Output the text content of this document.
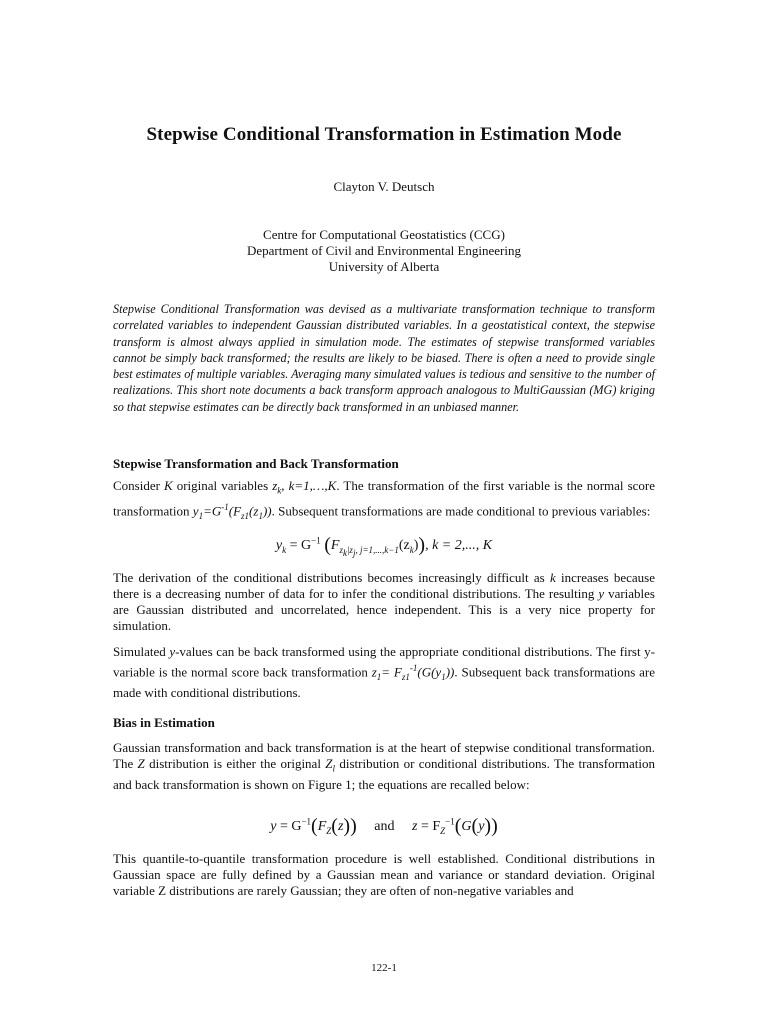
Stepwise Conditional Transformation in Estimation Mode
Clayton V. Deutsch
Centre for Computational Geostatistics (CCG)
Department of Civil and Environmental Engineering
University of Alberta
Stepwise Conditional Transformation was devised as a multivariate transformation technique to transform correlated variables to independent Gaussian distributed variables. In a geostatistical context, the stepwise transform is almost always applied in simulation mode. The estimates of stepwise transformed variables cannot be simply back transformed; the results are likely to be biased. There is often a need to provide single best estimates of multiple variables. Averaging many simulated values is tedious and sensitive to the number of realizations. This short note documents a back transform approach analogous to MultiGaussian (MG) kriging so that stepwise estimates can be directly back transformed in an unbiased manner.
Stepwise Transformation and Back Transformation
Consider K original variables $z_k$, k=1,…,K. The transformation of the first variable is the normal score transformation $y_1=G^{-1}(F_{z1}(z_1))$. Subsequent transformations are made conditional to previous variables:
$y_k = G^{-1}$ $(F_{z_k|z_j, j=1,...,k-1}(z_k))$, k = 2,..., K
The derivation of the conditional distributions becomes increasingly difficult as k increases because there is a decreasing number of data for to infer the conditional distributions. The resulting y variables are Gaussian distributed and uncorrelated, hence independent. This is a very nice property for simulation.
Simulated y-values can be back transformed using the appropriate conditional distributions. The first y-variable is the normal score back transformation $z_1= F_{z1}^{-1}(G(y_1))$. Subsequent back transformations are made with conditional distributions.
Bias in Estimation
Gaussian transformation and back transformation is at the heart of stepwise conditional transformation. The Z distribution is either the original $Z_l$ distribution or conditional distributions. The transformation and back transformation is shown on Figure 1; the equations are recalled below:
$y = G^{-1}(F_Z(z))$ and $z = F_Z^{-1}(G(y))$
This quantile-to-quantile transformation procedure is well established. Conditional distributions in Gaussian space are fully defined by a Gaussian mean and variance or standard deviation. Original variable Z distributions are rarely Gaussian; they are often of non-negative variables and
122-1
